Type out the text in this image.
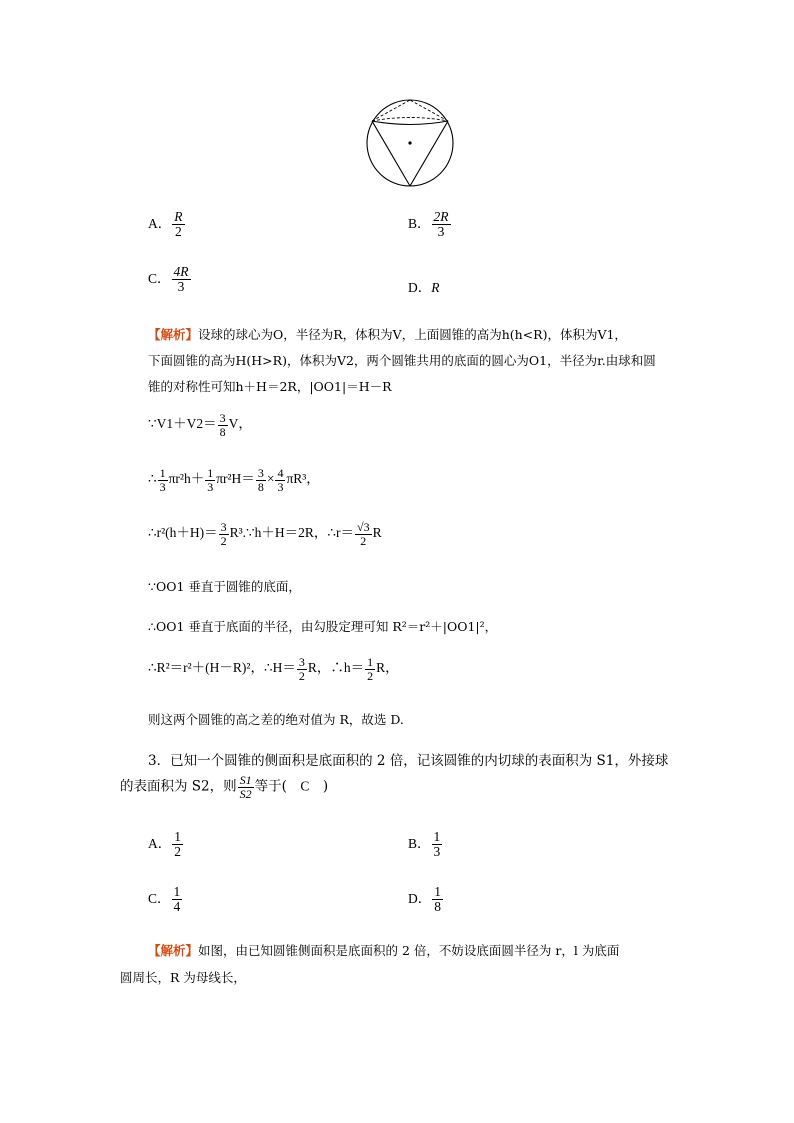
A． $\frac{R}{2}$	B． $\frac{2R}{3}$
C． $\frac{4R}{3}$	D．R
【解析】设球的球心为O，半径为R，体积为V，上面圆锥的高为h(h<R)，体积为V1，
下面圆锥的高为H(H>R)，体积为V2，两个圆锥共用的底面的圆心为O1，半径为r.由球和圆
锥的对称性可知h＋H＝2R，|OO1|＝H－R
∵V1＋V2＝ $\frac{3}{8}$ V，
∴ $\frac{1}{3} \pi r^2h+ \frac{1}{3} \pi r^2H= \frac{3}{8} \times \frac{4}{3} \pi R^3$，
∴r²(h＋H)＝ $\frac{3}{2}$ R³.∵h＋H＝2R，∴r＝ $\frac{√3}{2}$ R
∵OO1 垂直于圆锥的底面，
∴OO1 垂直于底面的半径，由勾股定理可知 R²＝r²＋|OO1|²，
∴R²＝r²＋(H－R)²，∴H＝ $\frac{3}{2}$ R，∴h＝ $\frac{1}{2}$ R，
则这两个圆锥的高之差的绝对值为 R，故选 D.
3．已知一个圆锥的侧面积是底面积的 2 倍，记该圆锥的内切球的表面积为 S1，外接球
的表面积为 S2，则 $\frac{S1}{S2}$ 等于(　C　)
A． $\frac{1}{2}$	B． $\frac{1}{3}$
C． $\frac{1}{4}$	D． $\frac{1}{8}$
【解析】如图，由已知圆锥侧面积是底面积的 2 倍，不妨设底面圆半径为 r，l 为底面
圆周长，R 为母线长，
